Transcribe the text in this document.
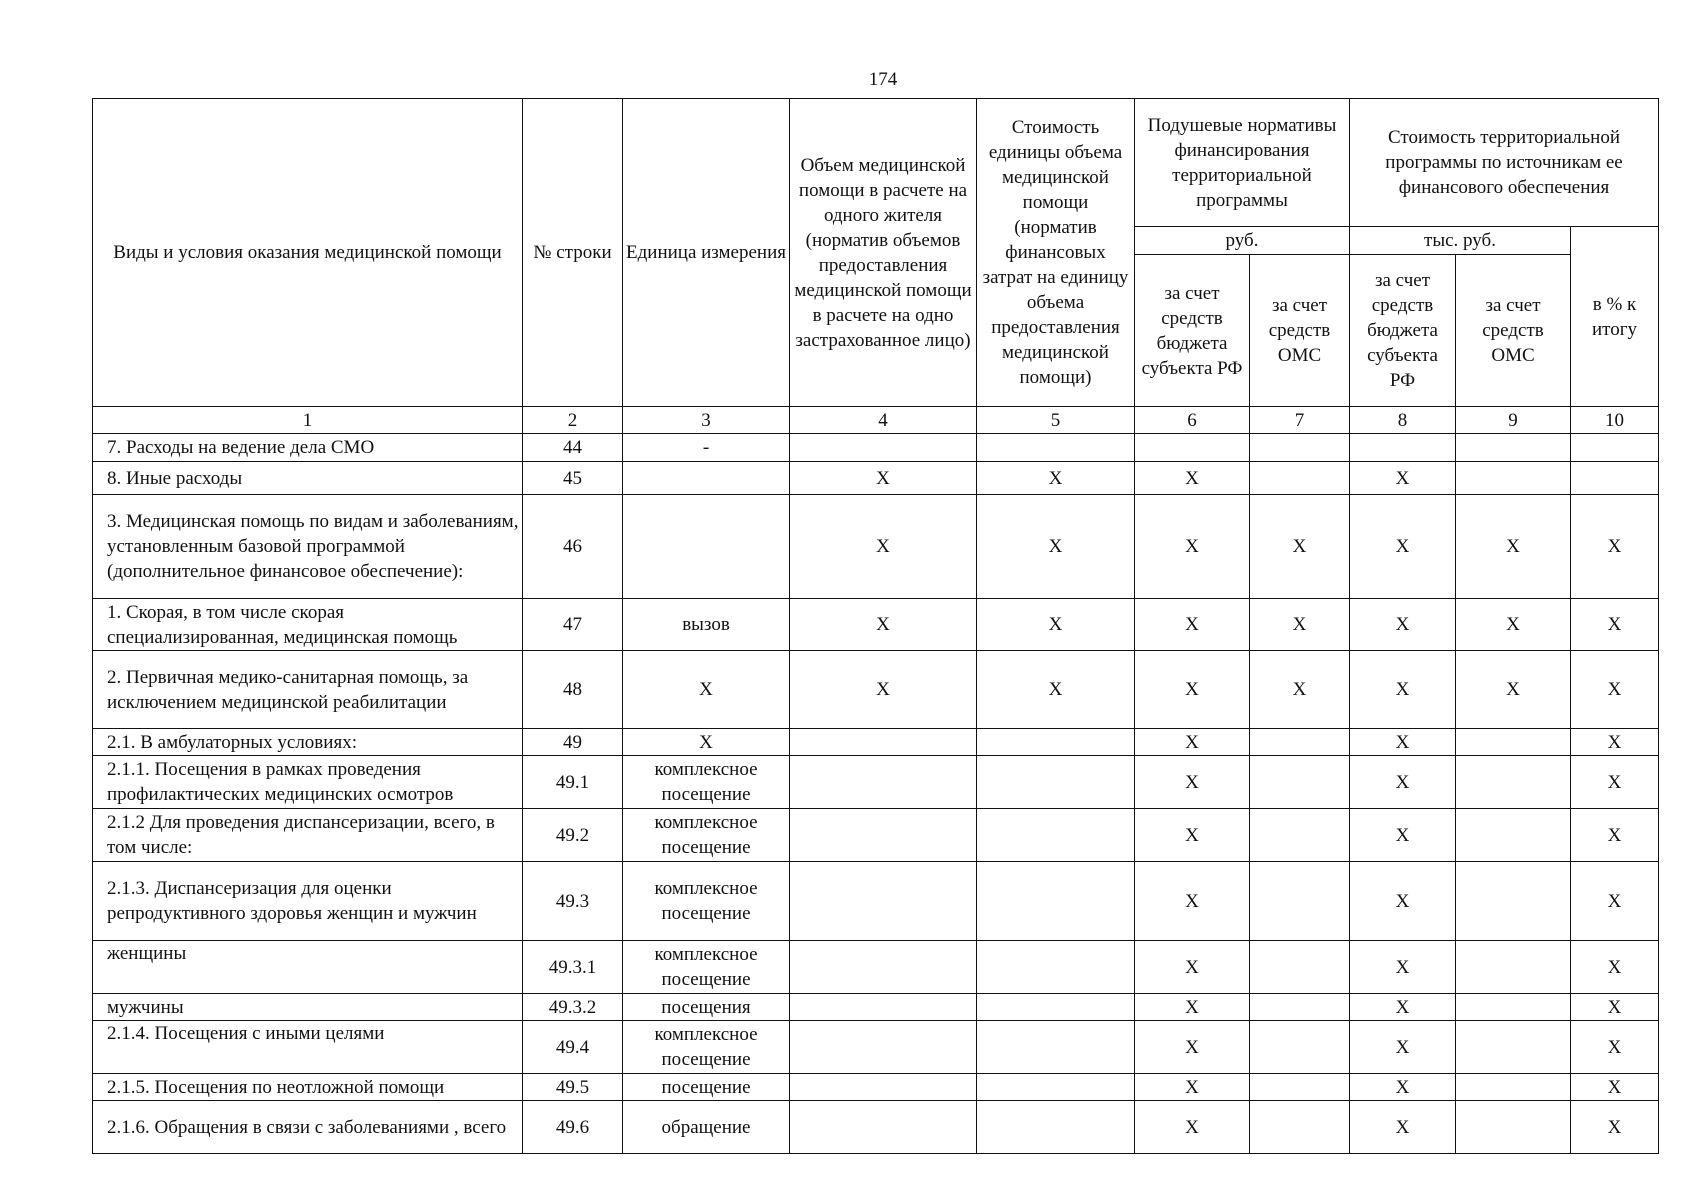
174
Виды и условия оказания медицинской помощи	№ строки	Единица измерения	Объем медицинской помощи в расчете на одного жителя (норматив объемов предоставления медицинской помощи в расчете на одно застрахованное лицо)	Стоимость единицы объема медицинской помощи (норматив финансовых затрат на единицу объема предоставления медицинской помощи)	Подушевые нормативы финансирования территориальной программы		Стоимость территориальной программы по источникам ее финансового обеспечения		
					руб.		тыс. руб.		в % к итогу
					за счет средств бюджета субъекта РФ	за счет средств ОМС	за счет средств бюджета субъекта РФ	за счет средств ОМС	
1	2	3	4	5	6	7	8	9	10
7. Расходы на ведение дела СМО	44	-							
8. Иные расходы	45		X	X	X		X		
3. Медицинская помощь по видам и заболеваниям, установленным базовой программой (дополнительное финансовое обеспечение):	46		X	X	X	X	X	X	X
1. Скорая, в том числе скорая специализированная, медицинская помощь	47	вызов	X	X	X	X	X	X	X
2. Первичная медико-санитарная помощь, за исключением медицинской реабилитации	48	X	X	X	X	X	X	X	X
2.1. В амбулаторных условиях:	49	X			X		X		X
2.1.1. Посещения в рамках проведения профилактических медицинских осмотров	49.1	комплексное посещение			X		X		X
2.1.2 Для проведения диспансеризации, всего, в том числе:	49.2	комплексное посещение			X		X		X
2.1.3. Диспансеризация для оценки репродуктивного здоровья женщин и мужчин	49.3	комплексное посещение			X		X		X
женщины	49.3.1	комплексное посещение			X		X		X
мужчины	49.3.2	посещения			X		X		X
2.1.4. Посещения с иными целями	49.4	комплексное посещение			X		X		X
2.1.5. Посещения по неотложной помощи	49.5	посещение			X		X		X
2.1.6. Обращения в связи с заболеваниями , всего	49.6	обращение			X		X		X
